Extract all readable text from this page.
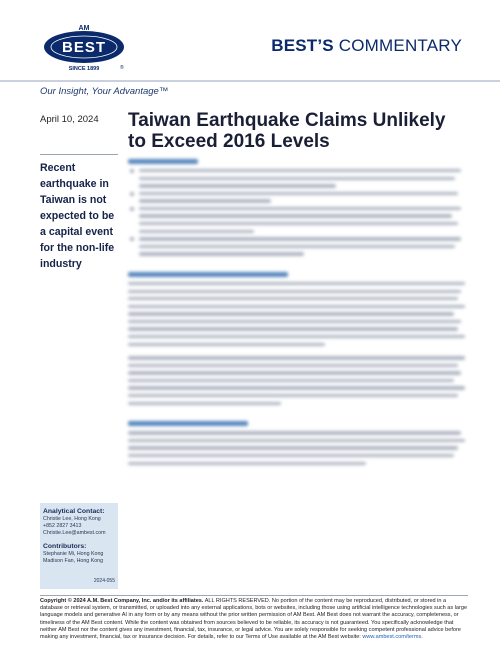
AM
BEST
SINCE 1899	®
BEST’S COMMENTARY
Our Insight, Your Advantage™
April 10, 2024 Taiwan Earthquake Claims Unlikely to Exceed 2016 Levels
Recent earthquake in Taiwan is not expected to be a capital event for the non-life industry
Analytical Contact:
Christie Lee, Hong Kong
+852 2827 3413
Christie.Lee@ambest.com
Contributors:
Stephanie Mi, Hong Kong
Madison Fan, Hong Kong
2024-055
Copyright © 2024 A.M. Best Company, Inc. and/or its affiliates. ALL RIGHTS RESERVED. No portion of the content may be reproduced, distributed, or stored in a database or retrieval system, or transmitted, or uploaded into any external applications, bots or websites, including those using artificial intelligence technologies such as large language models and generative AI in any form or by any means without the prior written permission of AM Best. AM Best does not warrant the accuracy, completeness, or timeliness of the AM Best content. While the content was obtained from sources believed to be reliable, its accuracy is not guaranteed. You specifically acknowledge that neither AM Best nor the content gives any investment, financial, tax, insurance, or legal advice. You are solely responsible for seeking competent professional advice before making any investment, financial, tax or insurance decision. For details, refer to our Terms of Use available at the AM Best website: www.ambest.com/terms.
